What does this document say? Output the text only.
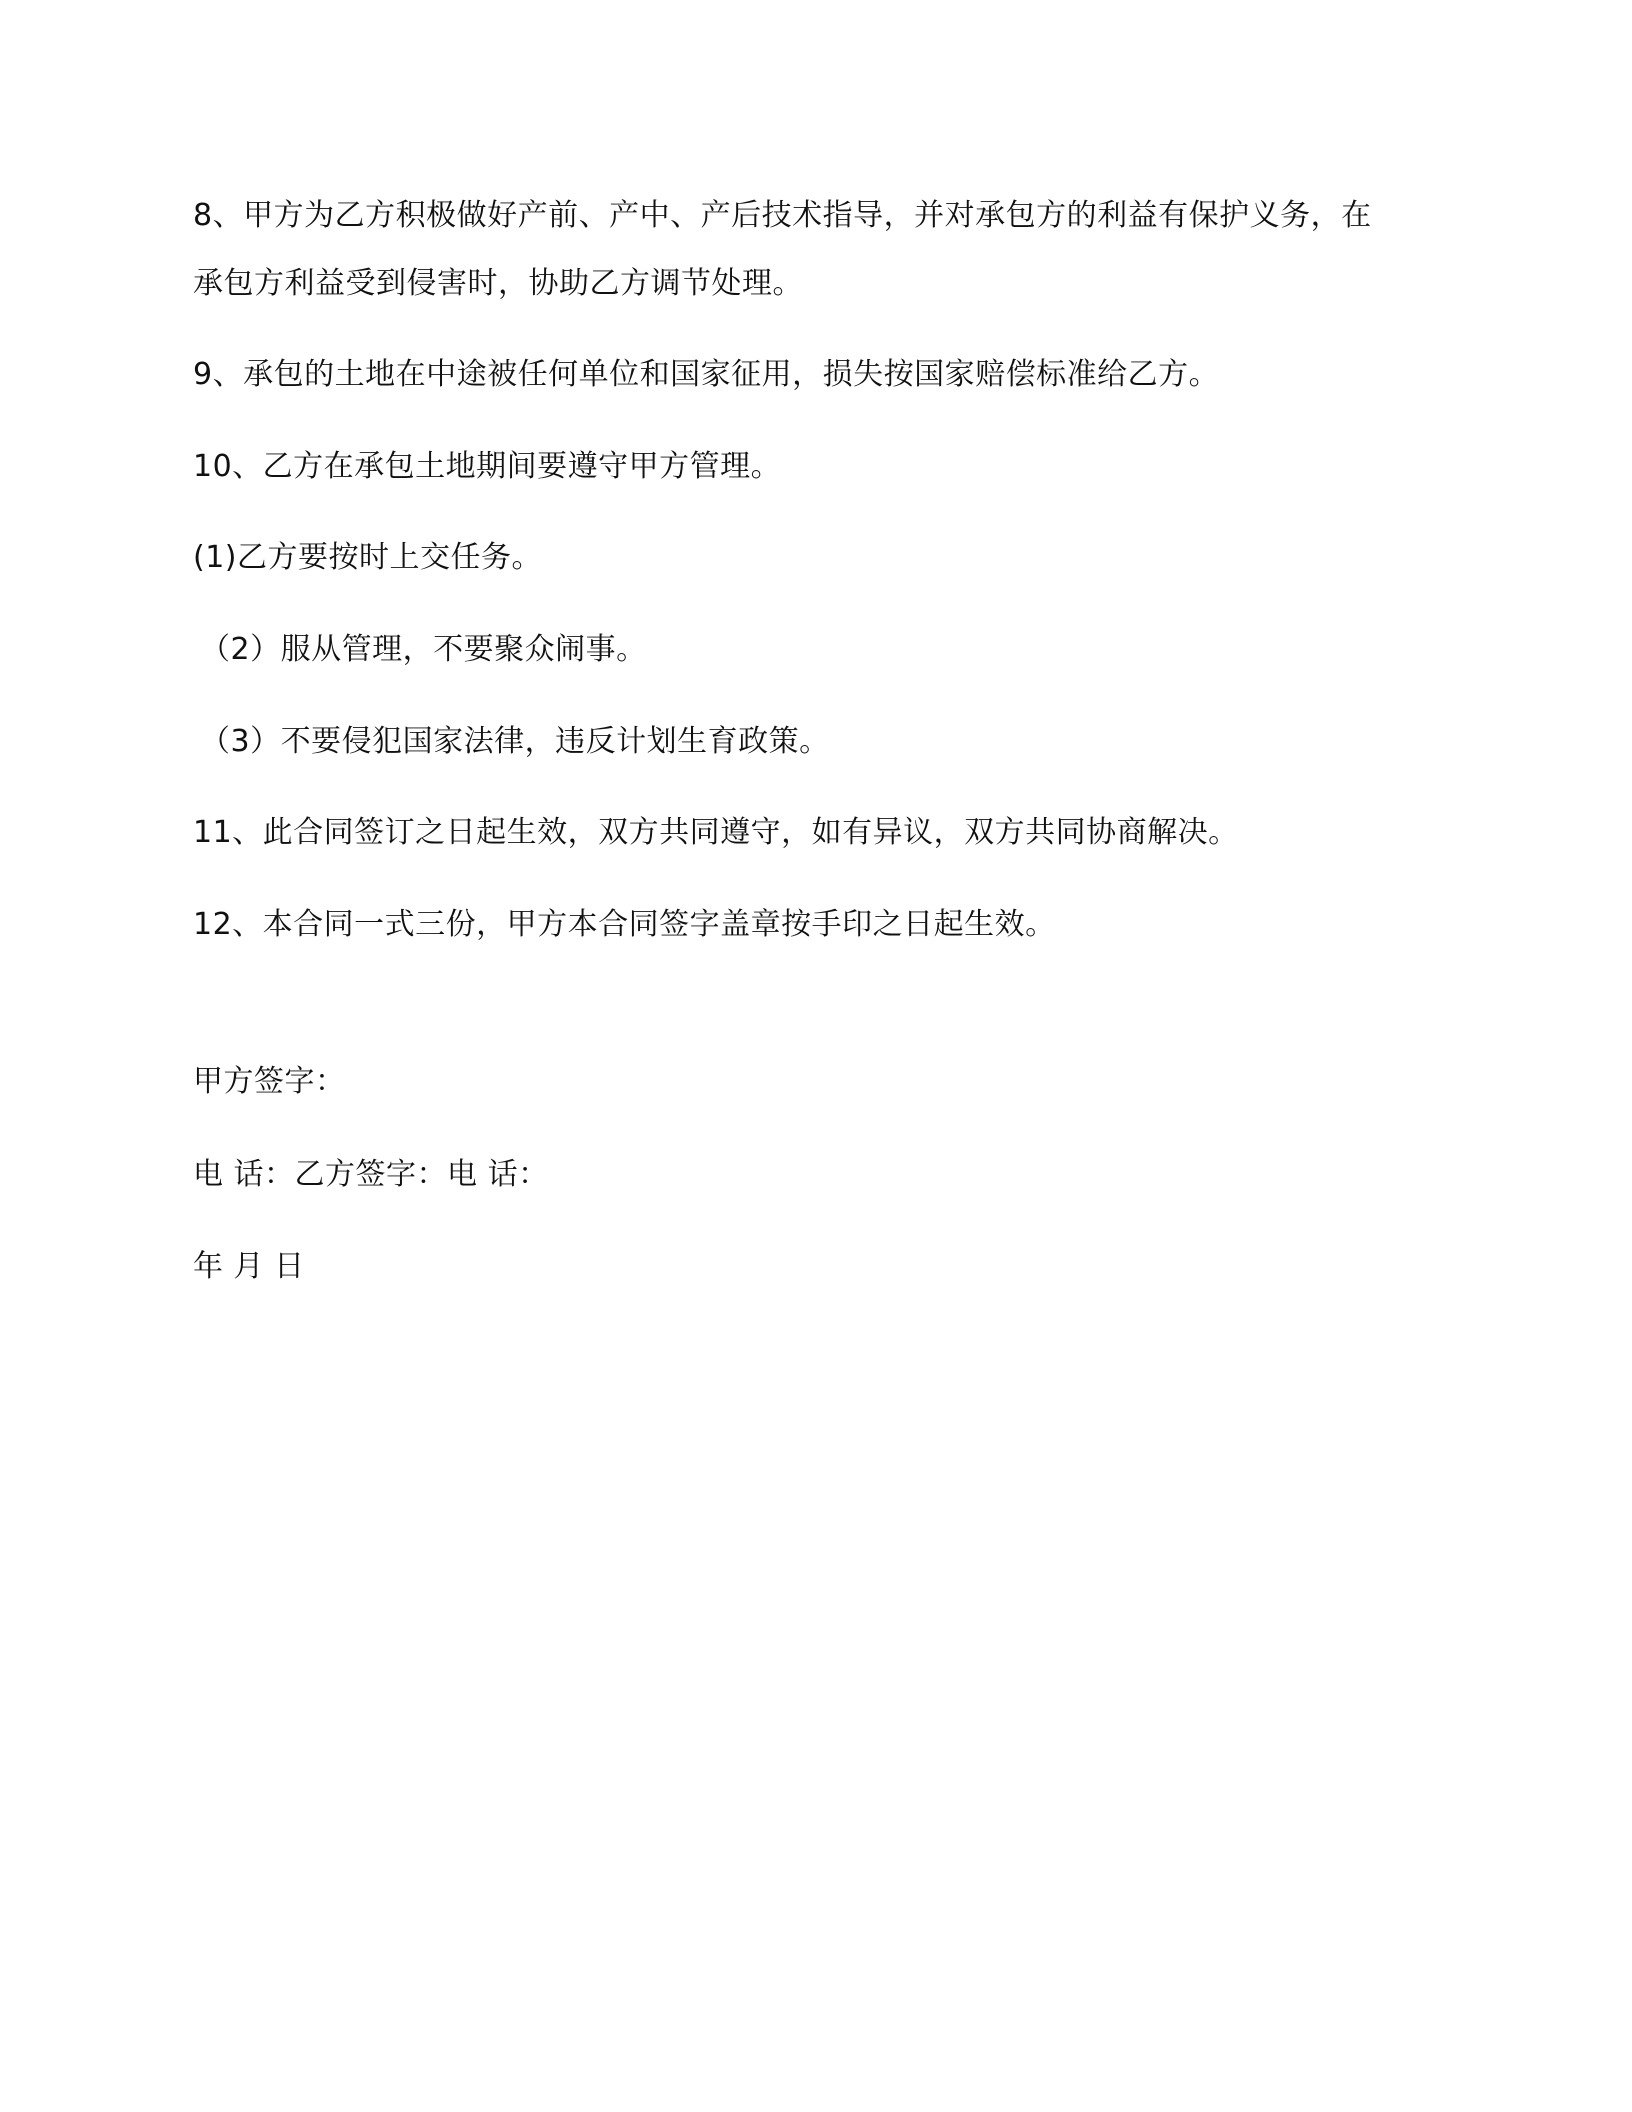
8、甲方为乙方积极做好产前、产中、产后技术指导，并对承包方的利益有保护义务，在
承包方利益受到侵害时，协助乙方调节处理。
9、承包的土地在中途被任何单位和国家征用，损失按国家赔偿标准给乙方。
10、乙方在承包土地期间要遵守甲方管理。
(1)乙方要按时上交任务。
（2）服从管理，不要聚众闹事。
（3）不要侵犯国家法律，违反计划生育政策。
11、此合同签订之日起生效，双方共同遵守，如有异议，双方共同协商解决。
12、本合同一式三份，甲方本合同签字盖章按手印之日起生效。
甲方签字：
电 话：乙方签字：电 话：
年 月 日
